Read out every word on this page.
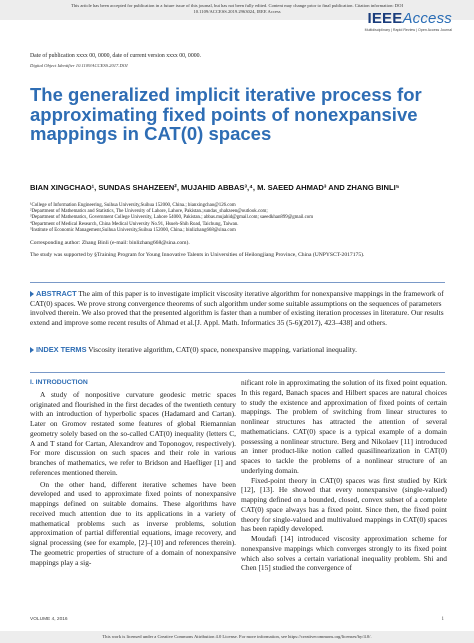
This article has been accepted for publication in a future issue of this journal, but has not been fully edited. Content may change prior to final publication. Citation information: DOI
10.1109/ACCESS.2019.2963024, IEEE Access	IEEEAccess
Multidisciplinary | Rapid Review | Open Access Journal
Date of publication xxxx 00, 0000, date of current version xxxx 00, 0000.
Digital Object Identifier 10.1109/ACCESS.2017.DOI
The generalized implicit iterative process for approximating fixed points of nonexpansive mappings in CAT(0) spaces
BIAN XINGCHAO¹, SUNDAS SHAHZEEN², MUJAHID ABBAS³,⁴, M. SAEED AHMAD³ AND ZHANG BINLI⁵
¹College of Information Engineering, Suihua University,Suihua 152000, China.; bianxingchao@126.com
²Department of Mathematics and Statistics, The University of Lahore, Lahore, Pakistan.;sundas_shahzeen@outlook.com;
³Department of Mathematics, Government College University, Lahore 54000, Pakistan.; abbas.mujahid@gmail.com; saeedkhan899@gmail.com
⁴Department of Medical Research, China Medical University No.91, Hsueh-Shih Road, Taichung, Taiwan.
⁵Institute of Economic Management,Suihua University,Suihua 152000, China.; binlizhang668@sina.com
Corresponding author: Zhang Binli (e-mail: binlizhang668@sina.com).
The study was supported by §Training Program for Young Innovative Talents in Universities of Heilongjiang Province, China (UNPYSCT-2017175).
ABSTRACT The aim of this paper is to investigate implicit viscosity iterative algorithm for nonexpansive mappings in the framework of CAT(0) spaces. We prove strong convergence theorems of such algorithm under some suitable assumptions on the sequences of parameters involved therein. We also proved that the presented algorithm is faster than a number of existing iteration processes in literature. Our results extend and improve some recent results of Ahmad et al.[J. Appl. Math. Informatics 35 (5-6)(2017), 423–438] and others.
INDEX TERMS Viscosity iterative algorithm, CAT(0) space, nonexpansive mapping, variational inequality.
I. INTRODUCTION

A study of nonpositive curvature geodesic metric spaces originated and flourished in the first decades of the twentieth century with an introduction of hyperbolic spaces (Hadamard and Cartan). Later on Gromov restated some features of global Riemannian geometry solely based on the so-called CAT(0) inequality (letters C, A and T stand for Cartan, Alexandrov and Toponogov, respectively). For more discussion on such spaces and their role in various branches of mathematics, we refer to Bridson and Haefliger [1] and references mentioned therein.

On the other hand, different iterative schemes have been developed and used to approximate fixed points of nonexpansive mappings defined on suitable domains. These algorithms have received much attention due to its applications in a variety of mathematical problems such as inverse problems, solution approximation of partial differential equations, image recovery, and signal processing (see for example, [2]–[10] and references therein). The geometric properties of structure of a domain of nonexpansive mappings play a sig-

nificant role in approximating the solution of its fixed point equation. In this regard, Banach spaces and Hilbert spaces are natural choices to study the existence and approximation of fixed points of certain mappings. The problem of switching from linear structures to nonlinear structures has attracted the attention of several mathematicians. CAT(0) space is a typical example of a domain possessing a nonlinear structure. Berg and Nikolaev [11] introduced an inner product-like notion called quasilinearization in CAT(0) spaces to tackle the problems of a nonlinear structure of an underlying domain.

Fixed-point theory in CAT(0) spaces was first studied by Kirk [12], [13]. He showed that every nonexpansive (single-valued) mapping defined on a bounded, closed, convex subset of a complete CAT(0) space always has a fixed point. Since then, the fixed point theory for single-valued and multivalued mappings in CAT(0) spaces has been rapidly developed.

Moudafi [14] introduced viscosity approximation scheme for nonexpansive mappings which converges strongly to its fixed point which also solves a certain variational inequality problem. Shi and Chen [15] studied the convergence of

VOLUME 4, 2016	1
This work is licensed under a Creative Commons Attribution 4.0 License. For more information, see https://creativecommons.org/licenses/by/4.0/.
